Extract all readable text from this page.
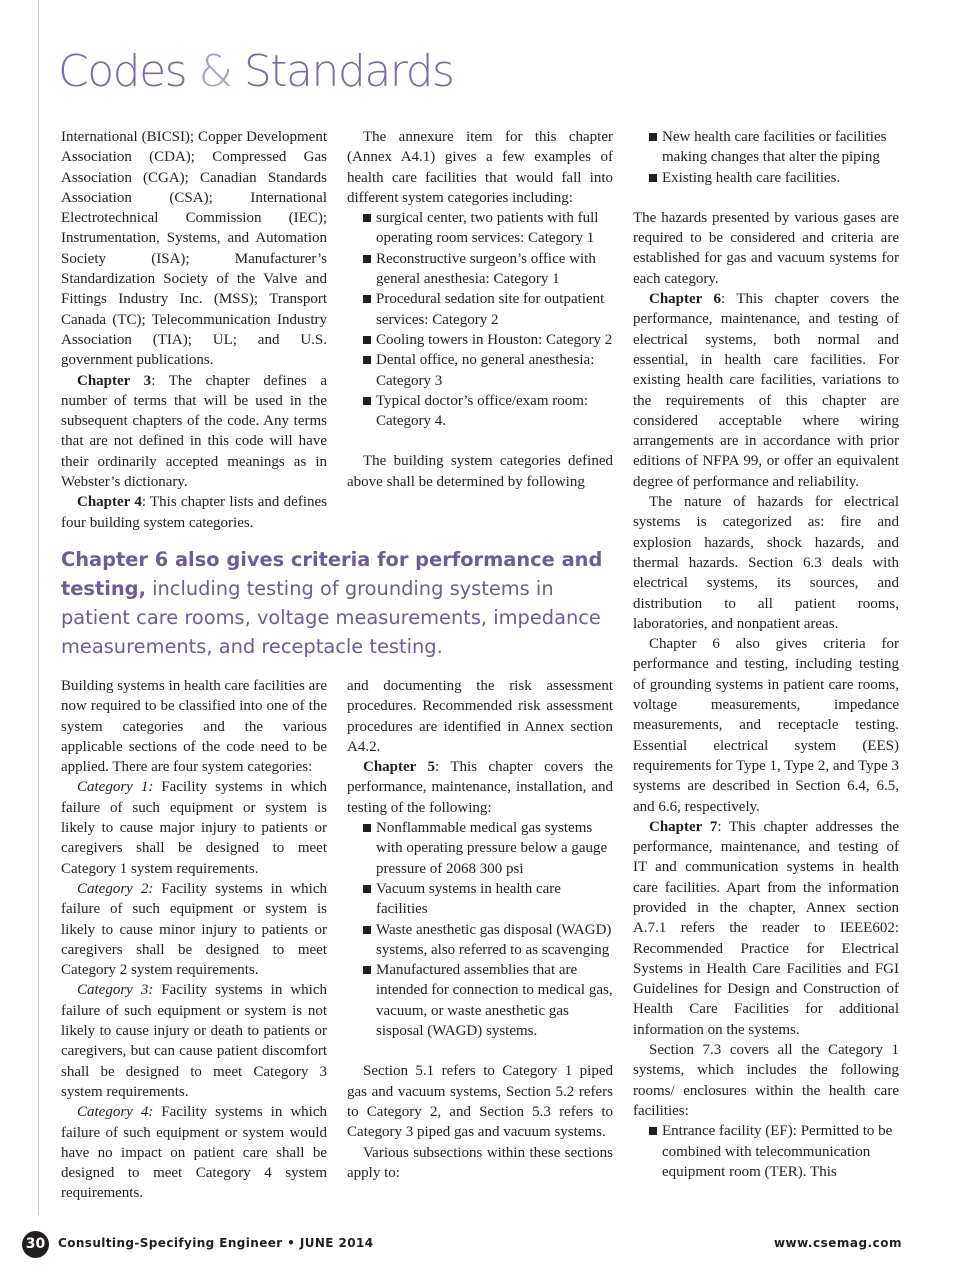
Codes & Standards

International (BICSI); Copper Development Association (CDA); Compressed Gas Association (CGA); Canadian Standards Association (CSA); International Electrotechnical Commission (IEC); Instrumentation, Systems, and Automation Society (ISA); Manufacturer’s Standardization Society of the Valve and Fittings Industry Inc. (MSS); Transport Canada (TC); Telecommunication Industry Association (TIA); UL; and U.S. government publications.

Chapter 3: The chapter defines a number of terms that will be used in the subsequent chapters of the code. Any terms that are not defined in this code will have their ordinarily accepted meanings as in Webster’s dictionary.

Chapter 4: This chapter lists and defines four building system categories.

The annexure item for this chapter (Annex A4.1) gives a few examples of health care facilities that would fall into different system categories including:

surgical center, two patients with full operating room services: Category 1
Reconstructive surgeon’s office with general anesthesia: Category 1
Procedural sedation site for outpatient services: Category 2
Cooling towers in Houston: Category 2
Dental office, no general anesthesia: Category 3
Typical doctor’s office/exam room: Category 4.

The building system categories defined above shall be determined by following

Chapter 6 also gives criteria for performance and testing, including testing of grounding systems in patient care rooms, voltage measurements, impedance measurements, and receptacle testing.

Building systems in health care facilities are now required to be classified into one of the system categories and the various applicable sections of the code need to be applied. There are four system categories:

Category 1: Facility systems in which failure of such equipment or system is likely to cause major injury to patients or caregivers shall be designed to meet Category 1 system requirements.

Category 2: Facility systems in which failure of such equipment or system is likely to cause minor injury to patients or caregivers shall be designed to meet Category 2 system requirements.

Category 3: Facility systems in which failure of such equipment or system is not likely to cause injury or death to patients or caregivers, but can cause patient discomfort shall be designed to meet Category 3 system requirements.

Category 4: Facility systems in which failure of such equipment or system would have no impact on patient care shall be designed to meet Category 4 system requirements.

and documenting the risk assessment procedures. Recommended risk assessment procedures are identified in Annex section A4.2.

Chapter 5: This chapter covers the performance, maintenance, installation, and testing of the following:

Nonflammable medical gas systems with operating pressure below a gauge pressure of 2068 300 psi
Vacuum systems in health care facilities
Waste anesthetic gas disposal (WAGD) systems, also referred to as scavenging
Manufactured assemblies that are intended for connection to medical gas, vacuum, or waste anesthetic gas sisposal (WAGD) systems.

Section 5.1 refers to Category 1 piped gas and vacuum systems, Section 5.2 refers to Category 2, and Section 5.3 refers to Category 3 piped gas and vacuum systems.

Various subsections within these sections apply to:

New health care facilities or facilities making changes that alter the piping
Existing health care facilities.

The hazards presented by various gases are required to be considered and criteria are established for gas and vacuum systems for each category.

Chapter 6: This chapter covers the performance, maintenance, and testing of electrical systems, both normal and essential, in health care facilities. For existing health care facilities, variations to the requirements of this chapter are considered acceptable where wiring arrangements are in accordance with prior editions of NFPA 99, or offer an equivalent degree of performance and reliability.

The nature of hazards for electrical systems is categorized as: fire and explosion hazards, shock hazards, and thermal hazards. Section 6.3 deals with electrical systems, its sources, and distribution to all patient rooms, laboratories, and nonpatient areas.

Chapter 6 also gives criteria for performance and testing, including testing of grounding systems in patient care rooms, voltage measurements, impedance measurements, and receptacle testing. Essential electrical system (EES) requirements for Type 1, Type 2, and Type 3 systems are described in Section 6.4, 6.5, and 6.6, respectively.

Chapter 7: This chapter addresses the performance, maintenance, and testing of IT and communication systems in health care facilities. Apart from the information provided in the chapter, Annex section A.7.1 refers the reader to IEEE602: Recommended Practice for Electrical Systems in Health Care Facilities and FGI Guidelines for Design and Construction of Health Care Facilities for additional information on the systems.

Section 7.3 covers all the Category 1 systems, which includes the following rooms/ enclosures within the health care facilities:

Entrance facility (EF): Permitted to be combined with telecommunication equipment room (TER). This
30	Consulting-Specifying Engineer • JUNE 2014	www.csemag.com
